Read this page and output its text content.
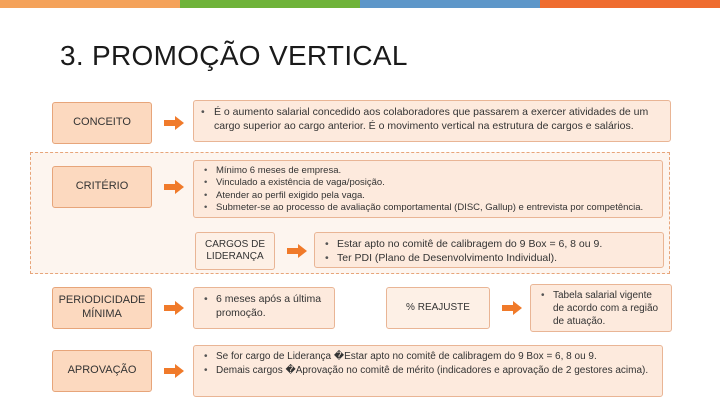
3. PROMOÇÃO VERTICAL
CONCEITO
• É o aumento salarial concedido aos colaboradores que passarem a exercer atividades de um cargo superior ao cargo anterior. É o movimento vertical na estrutura de cargos e salários.
CRITÉRIO
• Mínimo 6 meses de empresa.
• Vinculado a existência de vaga/posição.
• Atender ao perfil exigido pela vaga.
• Submeter-se ao processo de avaliação comportamental (DISC, Gallup) e entrevista por competência.
CARGOS DE LIDERANÇA
• Estar apto no comitê de calibragem do 9 Box = 6, 8 ou 9.
• Ter PDI (Plano de Desenvolvimento Individual).
PERIODICIDADE MÍNIMA
• 6 meses após a última promoção.	% REAJUSTE
• Tabela salarial vigente de acordo com a região de atuação.
APROVAÇÃO
• Se for cargo de Liderança �Estar apto no comitê de calibragem do 9 Box = 6, 8 ou 9.
• Demais cargos �Aprovação no comitê de mérito (indicadores e aprovação de 2 gestores acima).
